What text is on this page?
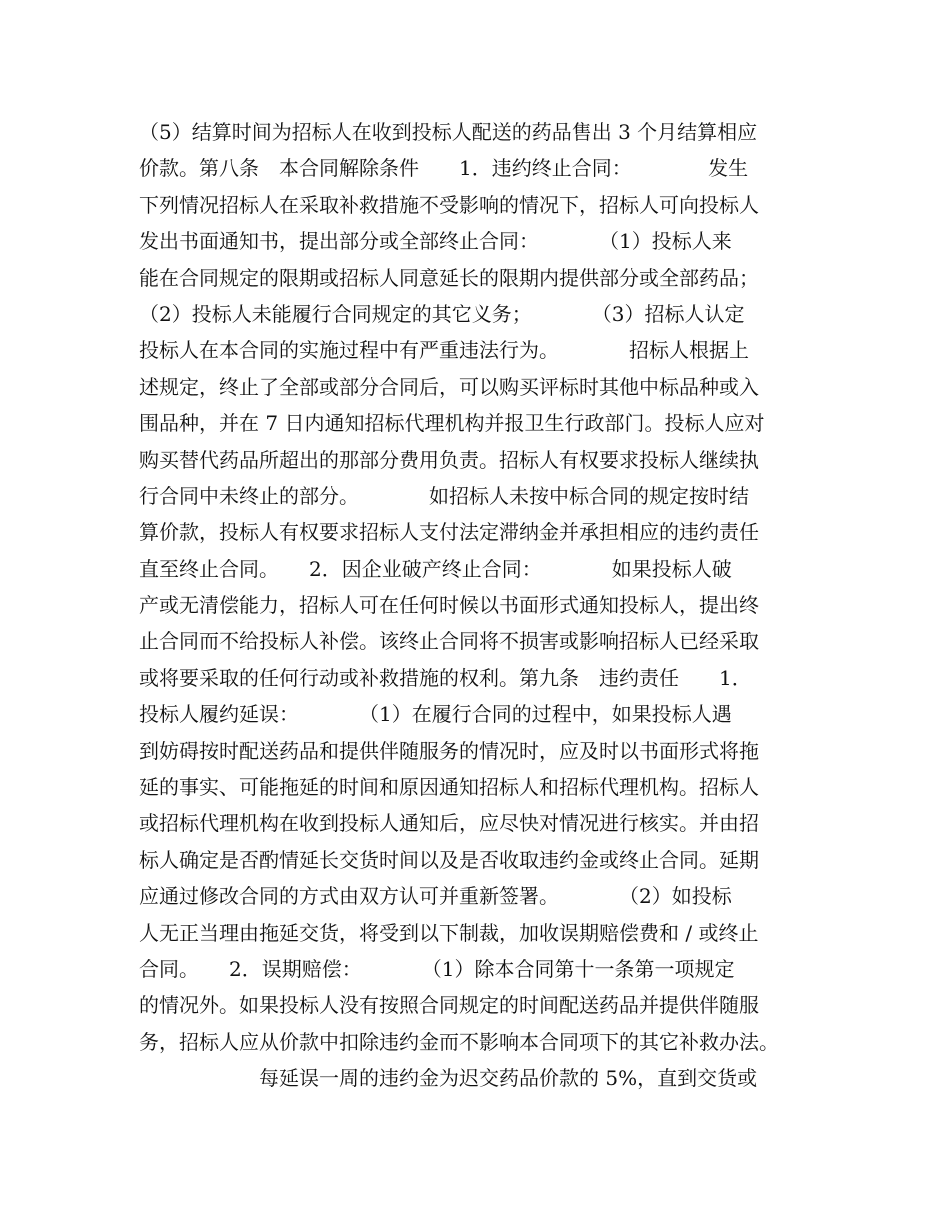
（5）结算时间为招标人在收到投标人配送的药品售出 3 个月结算相应
价款。第八条　本合同解除条件　　1．违约终止合同：　　　　 发生
下列情况招标人在采取补救措施不受影响的情况下，招标人可向投标人
发出书面通知书，提出部分或全部终止合同：　　　　（1）投标人来
能在合同规定的限期或招标人同意延长的限期内提供部分或全部药品；
（2）投标人未能履行合同规定的其它义务；　　　　（3）招标人认定
投标人在本合同的实施过程中有严重违法行为。　　　　招标人根据上
述规定，终止了全部或部分合同后，可以购买评标时其他中标品种或入
围品种，并在 7 日内通知招标代理机构并报卫生行政部门。投标人应对
购买替代药品所超出的那部分费用负责。招标人有权要求投标人继续执
行合同中未终止的部分。　　　　如招标人未按中标合同的规定按时结
算价款，投标人有权要求招标人支付法定滞纳金并承担相应的违约责任
直至终止合同。　　2．因企业破产终止合同：　　　　如果投标人破
产或无清偿能力，招标人可在任何时候以书面形式通知投标人，提出终
止合同而不给投标人补偿。该终止合同将不损害或影响招标人已经采取
或将要采取的任何行动或补救措施的权利。第九条　违约责任　　1．
投标人履约延误：　　　　（1）在履行合同的过程中，如果投标人遇
到妨碍按时配送药品和提供伴随服务的情况时，应及时以书面形式将拖
延的事实、可能拖延的时间和原因通知招标人和招标代理机构。招标人
或招标代理机构在收到投标人通知后，应尽快对情况进行核实。并由招
标人确定是否酌情延长交货时间以及是否收取违约金或终止合同。延期
应通过修改合同的方式由双方认可并重新签署。　　　　（2）如投标
人无正当理由拖延交货，将受到以下制裁，加收误期赔偿费和 / 或终止
合同。　　2．误期赔偿：　　　　（1）除本合同第十一条第一项规定
的情况外。如果投标人没有按照合同规定的时间配送药品并提供伴随服
务，招标人应从价款中扣除违约金而不影响本合同项下的其它补救办法。
　　　　　　每延误一周的违约金为迟交药品价款的 5%，直到交货或
